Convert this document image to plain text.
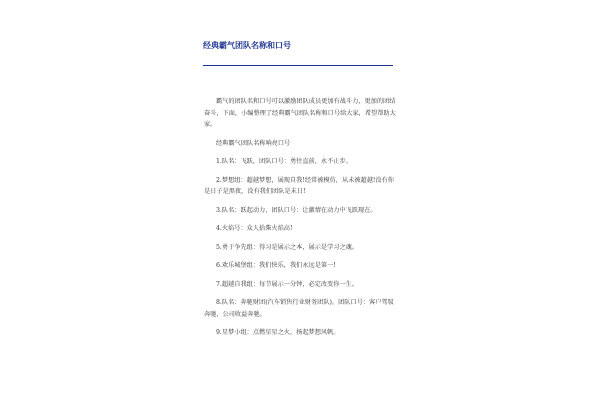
经典霸气团队名称和口号

霸气的团队名和口号可以激励团队成员更加有战斗力，更加的团结奋斗，下面，小编整理了经典霸气团队名称和口号给大家，希望帮助大家。

经典霸气团队名称响亮口号

1.队名：飞跃，团队口号：勇往直前，永不止步。

2.梦想组：超越梦想，展现自我!经常被模仿，从未被超越!没有你是日子是黑夜，没有我们团队是末日!

3.队名：跃起动力，团队口号：让激情在动力中飞跃现在。

4.火焰号：众人拾柴火焰高!

5.勇于争先组：得习是展示之本，展示是学习之魂。

6.欢乐城堡组：我们快乐，我们永远是第一!

7.超越自我组：每节展示一分钟，必定改变你一生。

8.队名：奔驰财团(汽车销售行业财务团队)，团队口号：客户驾驭奔驰，公司收益奔驰。

9.星梦小组：点燃星星之火，扬起梦想风帆。
